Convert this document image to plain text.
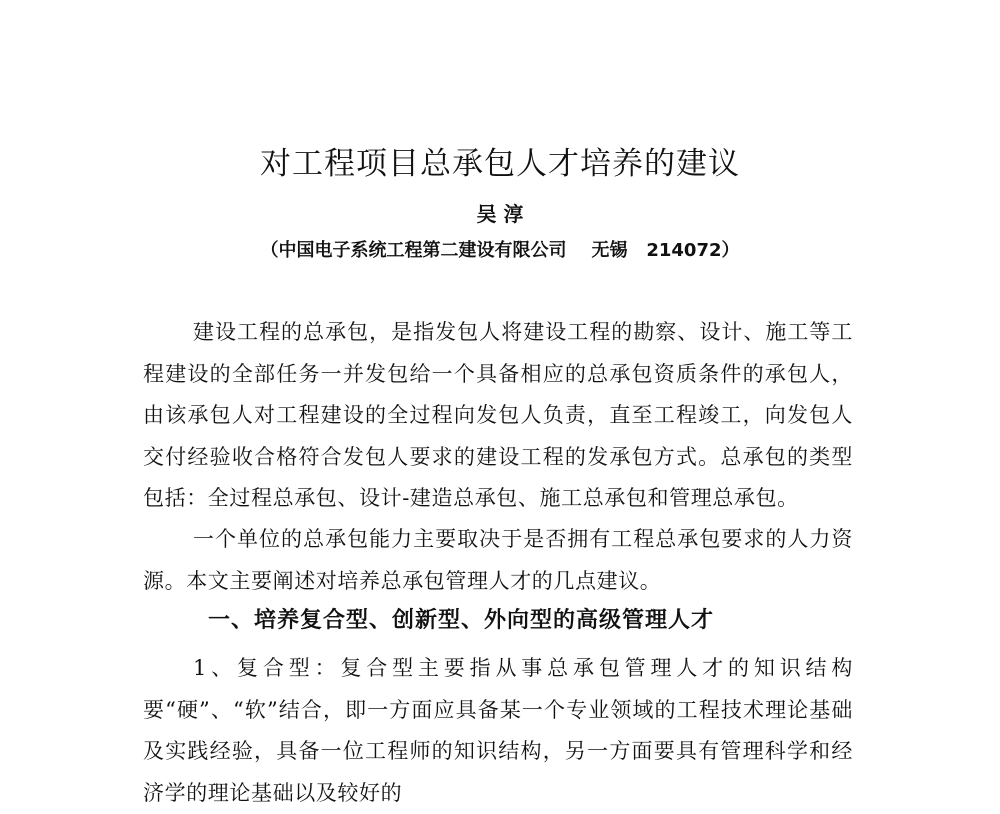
对工程项目总承包人才培养的建议
吴 淳
（中国电子系统工程第二建设有限公司 无锡 214072）
建设工程的总承包，是指发包人将建设工程的勘察、设计、施工等工程建设的全部任务一并发包给一个具备相应的总承包资质条件的承包人，由该承包人对工程建设的全过程向发包人负责，直至工程竣工，向发包人交付经验收合格符合发包人要求的建设工程的发承包方式。总承包的类型包括：全过程总承包、设计-建造总承包、施工总承包和管理总承包。
一个单位的总承包能力主要取决于是否拥有工程总承包要求的人力资源。本文主要阐述对培养总承包管理人才的几点建议。
一、培养复合型、创新型、外向型的高级管理人才
1、复合型：复合型主要指从事总承包管理人才的知识结构要“硬”、“软”结合，即一方面应具备某一个专业领域的工程技术理论基础及实践经验，具备一位工程师的知识结构，另一方面要具有管理科学和经济学的理论基础以及较好的
